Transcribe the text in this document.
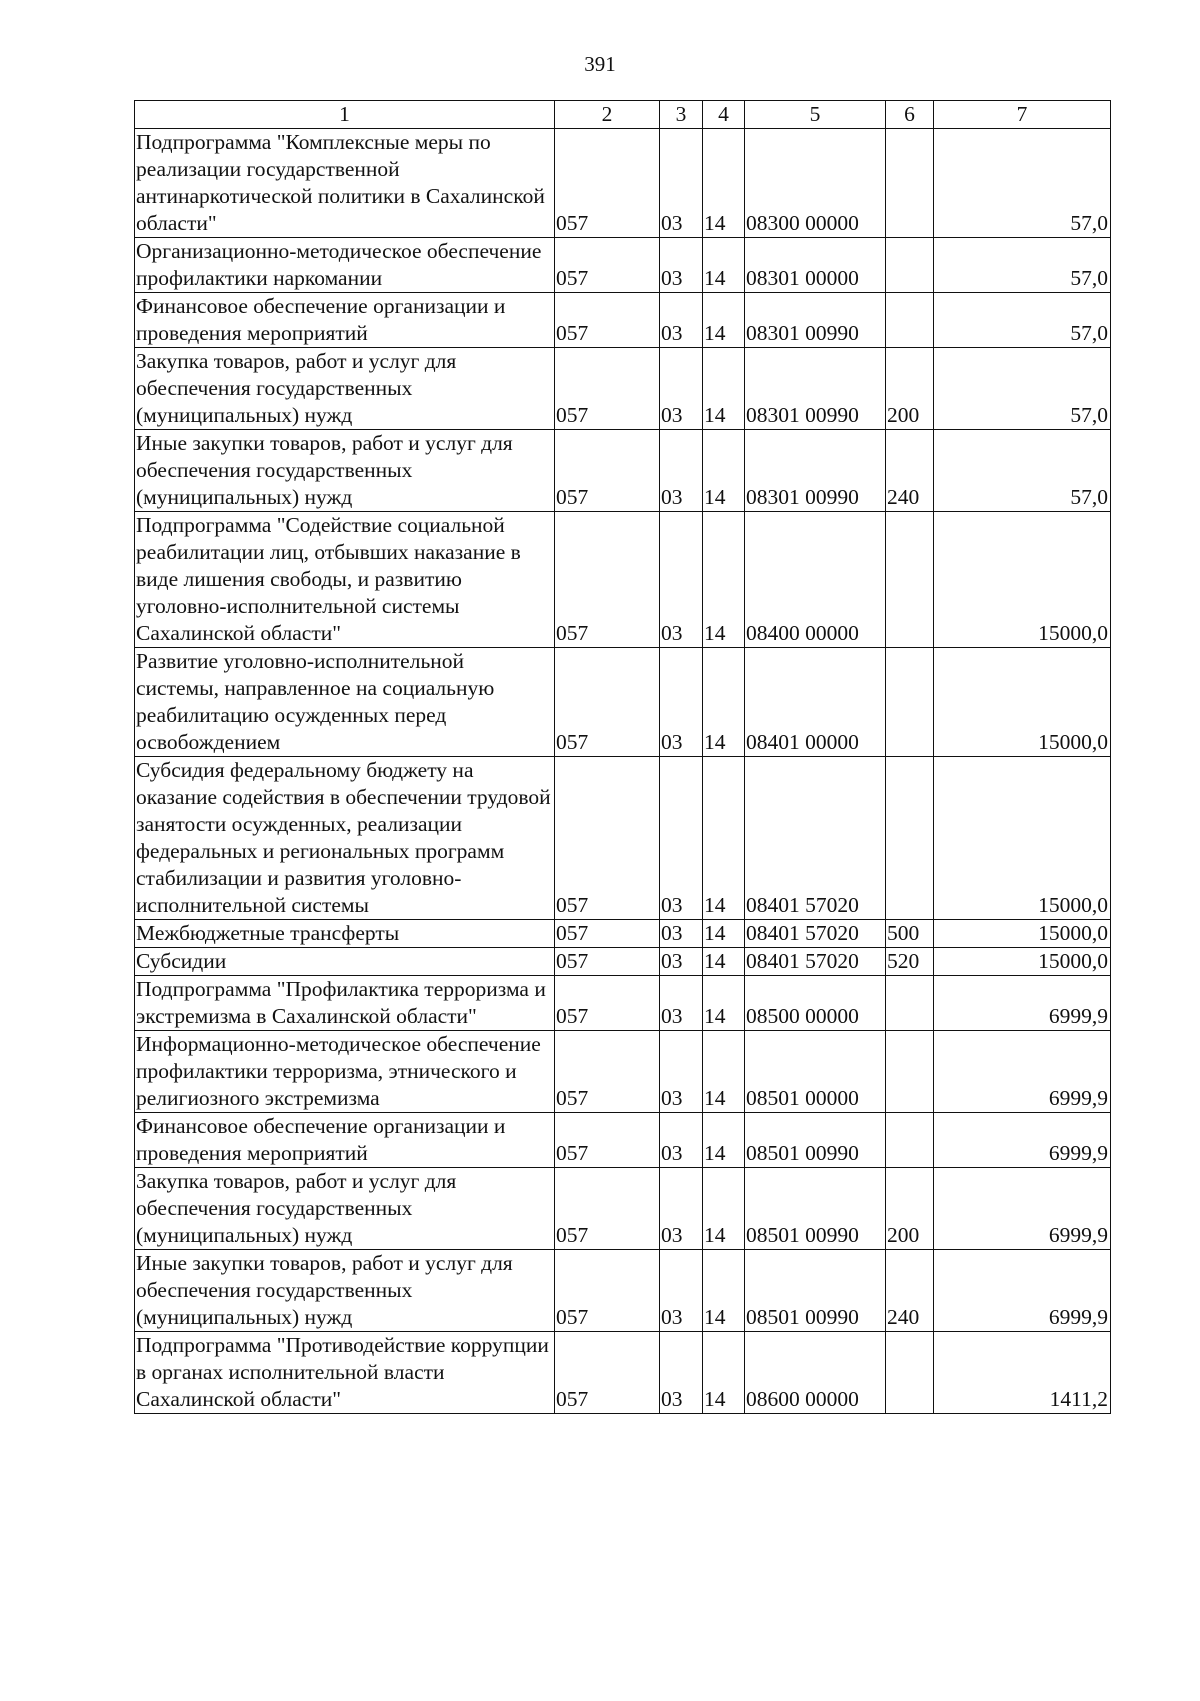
391
1	2	3	4	5	6	7
Подпрограмма "Комплексные меры по реализации государственной антинаркотической политики в Сахалинской области"	057	03	14	08300 00000		57,0
Организационно-методическое обеспечение профилактики наркомании	057	03	14	08301 00000		57,0
Финансовое обеспечение организации и проведения мероприятий	057	03	14	08301 00990		57,0
Закупка товаров, работ и услуг для обеспечения государственных (муниципальных) нужд	057	03	14	08301 00990	200	57,0
Иные закупки товаров, работ и услуг для обеспечения государственных (муниципальных) нужд	057	03	14	08301 00990	240	57,0
Подпрограмма "Содействие социальной реабилитации лиц, отбывших наказание в виде лишения свободы, и развитию уголовно-исполнительной системы Сахалинской области"	057	03	14	08400 00000		15000,0
Развитие уголовно-исполнительной системы, направленное на социальную реабилитацию осужденных перед освобождением	057	03	14	08401 00000		15000,0
Субсидия федеральному бюджету на оказание содействия в обеспечении трудовой занятости осужденных, реализации федеральных и региональных программ стабилизации и развития уголовно-исполнительной системы	057	03	14	08401 57020		15000,0
Межбюджетные трансферты	057	03	14	08401 57020	500	15000,0
Субсидии	057	03	14	08401 57020	520	15000,0
Подпрограмма "Профилактика терроризма и экстремизма в Сахалинской области"	057	03	14	08500 00000		6999,9
Информационно-методическое обеспечение профилактики терроризма, этнического и религиозного экстремизма	057	03	14	08501 00000		6999,9
Финансовое обеспечение организации и проведения мероприятий	057	03	14	08501 00990		6999,9
Закупка товаров, работ и услуг для обеспечения государственных (муниципальных) нужд	057	03	14	08501 00990	200	6999,9
Иные закупки товаров, работ и услуг для обеспечения государственных (муниципальных) нужд	057	03	14	08501 00990	240	6999,9
Подпрограмма "Противодействие коррупции в органах исполнительной власти Сахалинской области"	057	03	14	08600 00000		1411,2
